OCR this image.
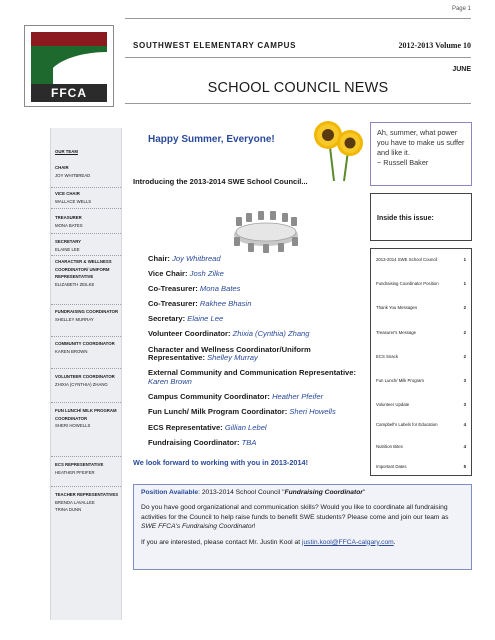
Page 1
FFCA
SOUTHWEST ELEMENTARY CAMPUS	2012-2013 Volume 10
JUNE
SCHOOL COUNCIL NEWS
OUR TEAM
CHAIR
JOY WHITBREAD
VICE CHAIR
WALLACE WELLS
TREASURER
MONA BATES
SECRETARY
ELAINE LEE
CHARACTER & WELLNESS COORDINATOR/ UNIFORM REPRESENTATIVE
ELIZABETH ZEILKE
FUNDRAISING COORDINATOR
SHELLEY MURRAY
COMMUNITY COORDINATOR
KAREN BROWN
VOLUNTEER COORDINATOR
ZHIXIA (CYNTHIA) ZHANG
FUN LUNCH/ MILK PROGRAM COORDINATOR
SHERI HOWELLS
ECS REPRESENTATIVE
HEATHER PFEIFER
TEACHER REPRESENTATIVES
BRENDA LAVALLEE
TRINA DUNN
Happy Summer, Everyone!
Introducing the 2013-2014 SWE School Council...
Chair: Joy Whitbread
Vice Chair: Josh Zilke
Co-Treasurer: Mona Bates
Co-Treasurer: Rakhee Bhasin
Secretary: Elaine Lee
Volunteer Coordinator: Zhixia (Cynthia) Zhang
Character and Wellness Coordinator/Uniform Representative: Shelley Murray
External Community and Communication Representative: Karen Brown
Campus Community Coordinator: Heather Pfeifer
Fun Lunch/ Milk Program Coordinator: Sheri Howells
ECS Representative: Gillian Lebel
Fundraising Coordinator: TBA
We look forward to working with you in 2013-2014!
Ah, summer, what power you have to make us suffer and like it.
~ Russell Baker
Inside this issue:
2013-2014 SWE School Council	1
Fundraising Coordinator Position	1
Thank You Messages	2
Treasurer's Message	2
ECS Snack	2
Fun Lunch/ Milk Program	3
Volunteer Update	3
Campbell's Labels for Education	4
Nutrition Bites	4
Important Dates	5

Position Available: 2013-2014 School Council "Fundraising Coordinator"

Do you have good organizational and communication skills? Would you like to coordinate all fundraising activities for the Council to help raise funds to benefit SWE students? Please come and join our team as SWE FFCA's Fundraising Coordinator!

If you are interested, please contact Mr. Justin Kool at justin.kool@FFCA-calgary.com.
